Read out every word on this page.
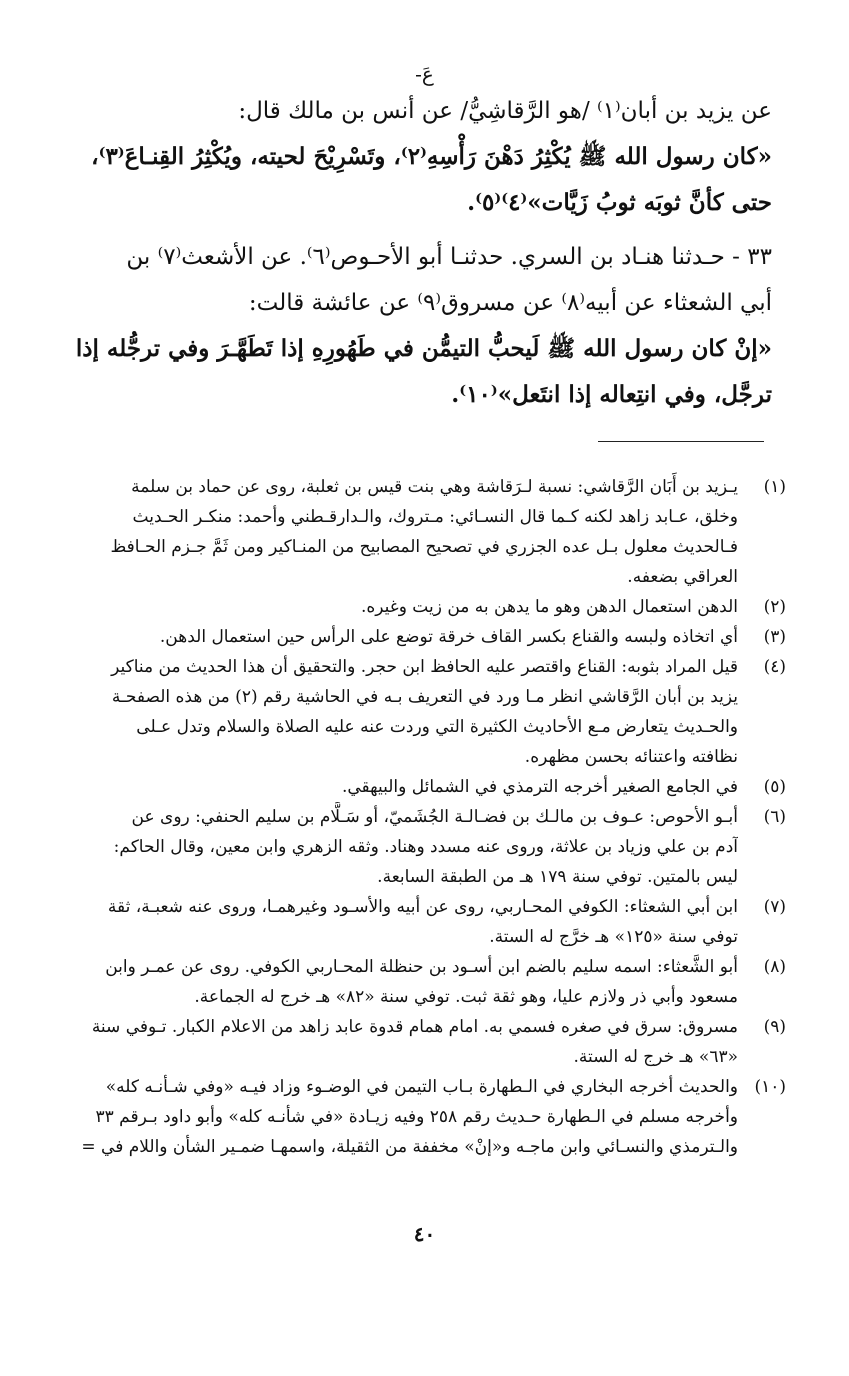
عَ-
عن يزيد بن أبان⁽١⁾ /هو الرَّقاشِيُّ/ عن أنس بن مالك قال:
«كان رسول الله ﷺ يُكْثِرُ دَهْنَ رَأْسِهِ⁽٢⁾، وتَسْرِيْحَ لحيته، ويُكْثِرُ القِنـاعَ⁽٣⁾،
حتى كأنَّ ثوبَه ثوبُ زَيَّات»⁽٤⁾⁽٥⁾.
٣٣ - حـدثنا هنـاد بن السري. حدثنـا أبو الأحـوص⁽٦⁾. عن الأشعث⁽٧⁾ بن
أبي الشعثاء عن أبيه⁽٨⁾ عن مسروق⁽٩⁾ عن عائشة قالت:
«إنْ كان رسول الله ﷺ لَيحبُّ التيمُّن في طَهُورِهِ إذا تَطَهَّـرَ وفي ترجُّله إذا
ترجَّل، وفي انتِعاله إذا انتَعل»⁽١٠⁾.
(١)
يـزيد بن أَبَان الرَّقاشي: نسبة لـرَقاشة وهي بنت قيس بن ثعلبة، روى عن حماد بن سلمة
وخلق، عـابد زاهد لكنه كـما قال النسـائي: مـتروك، والـدارقـطني وأحمد: منكـر الحـديث
فـالحديث معلول بـل عده الجزري في تصحيح المصابيح من المنـاكير ومن ثَمَّ جـزم الحـافظ
العراقي بضعفه.
(٢)
الدهن استعمال الدهن وهو ما يدهن به من زيت وغيره.
(٣)
أي اتخاذه ولبسه والقناع بكسر القاف خرقة توضع على الرأس حين استعمال الدهن.
(٤)
قيل المراد بثوبه: القناع واقتصر عليه الحافظ ابن حجر. والتحقيق أن هذا الحديث من مناكير
يزيد بن أبان الرَّقاشي انظر مـا ورد في التعريف بـه في الحاشية رقم (٢) من هذه الصفحـة
والحـديث يتعارض مـع الأحاديث الكثيرة التي وردت عنه عليه الصلاة والسلام وتدل عـلى
نظافته واعتنائه بحسن مظهره.
(٥)
في الجامع الصغير أخرجه الترمذي في الشمائل والبيهقي.
(٦)
أبـو الأحوص: عـوف بن مالـك بن فضـالـة الجُشَميّ، أو سَـلَّام بن سليم الحنفي: روى عن
آدم بن علي وزياد بن علاثة، وروى عنه مسدد وهناد. وثقه الزهري وابن معين، وقال الحاكم:
ليس بالمتين. توفي سنة ١٧٩ هـ من الطبقة السابعة.
(٧)
ابن أبي الشعثاء: الكوفي المحـاربي، روى عن أبيه والأسـود وغيرهمـا، وروى عنه شعبـة، ثقة
توفي سنة «١٢٥» هـ خرَّج له الستة.
(٨)
أبو الشَّعثاء: اسمه سليم بالضم ابن أسـود بن حنظلة المحـاربي الكوفي. روى عن عمـر وابن
مسعود وأبي ذر ولازم عليا، وهو ثقة ثبت. توفي سنة «٨٢» هـ خرج له الجماعة.
(٩)
مسروق: سرق في صغره فسمي به. امام همام قدوة عابد زاهد من الاعلام الكبار. تـوفي سنة
«٦٣» هـ خرج له الستة.
(١٠)
والحديث أخرجه البخاري في الـطهارة بـاب التيمن في الوضـوء وزاد فيـه «وفي شـأنـه كله»
وأخرجه مسلم في الـطهارة حـديث رقم ٢٥٨ وفيه زيـادة «في شأنـه كله» وأبو داود بـرقم ٣٣
والـترمذي والنسـائي وابن ماجـه و«إنْ» مخففة من الثقيلة، واسمهـا ضمـير الشأن واللام في =
٤٠
